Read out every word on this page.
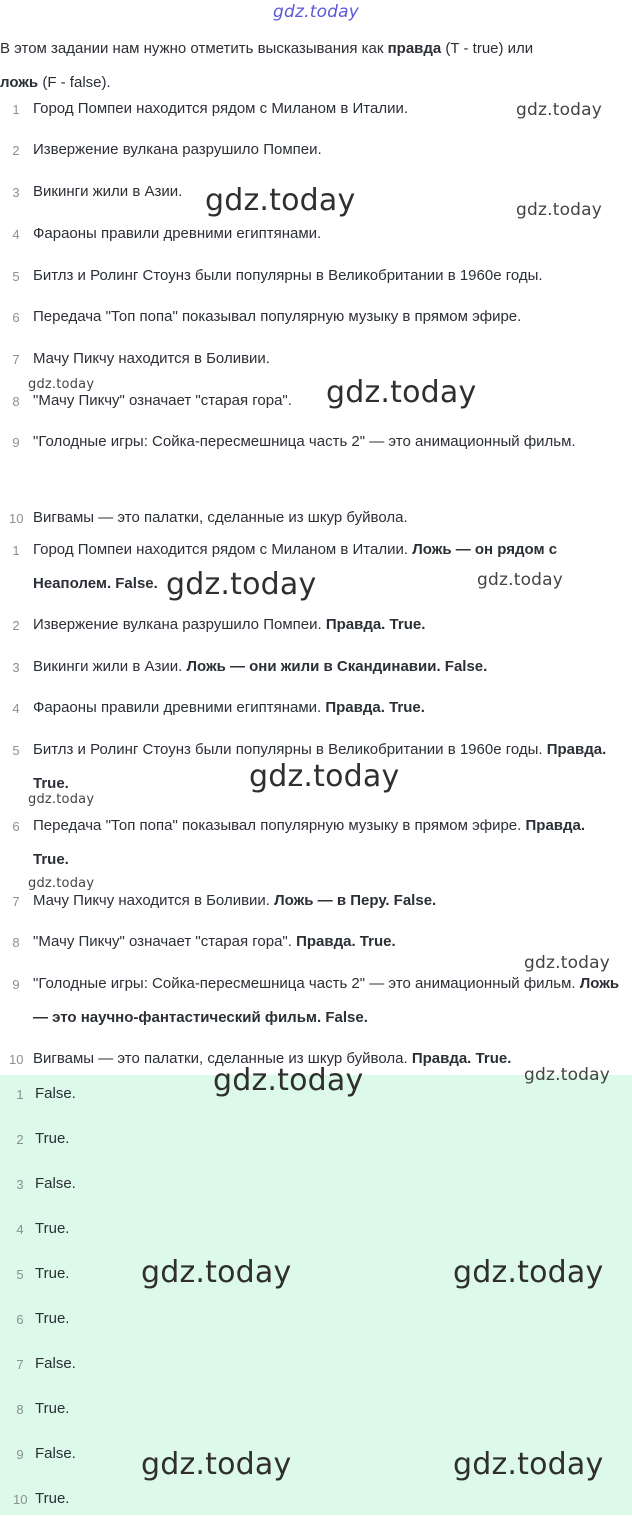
gdz.today
В этом задании нам нужно отметить высказывания как правда (T - true) или
ложь (F - false).
1 Город Помпеи находится рядом с Миланом в Италии.
2 Извержение вулкана разрушило Помпеи.
3 Викинги жили в Азии.
4 Фараоны правили древними египтянами.
5 Битлз и Ролинг Стоунз были популярны в Великобритании в 1960е годы.
6 Передача "Топ попа" показывал популярную музыку в прямом эфире.
7 Мачу Пикчу находится в Боливии.
8 "Мачу Пикчу" означает "старая гора".
9 "Голодные игры: Сойка-пересмешница часть 2" — это анимационный фильм.
10 Вигвамы — это палатки, сделанные из шкур буйвола.
1 Город Помпеи находится рядом с Миланом в Италии. Ложь — он рядом с Неаполем. False.
2 Извержение вулкана разрушило Помпеи. Правда. True.
3 Викинги жили в Азии. Ложь — они жили в Скандинавии. False.
4 Фараоны правили древними египтянами. Правда. True.
5 Битлз и Ролинг Стоунз были популярны в Великобритании в 1960е годы. Правда. True.
6 Передача "Топ попа" показывал популярную музыку в прямом эфире. Правда. True.
7 Мачу Пикчу находится в Боливии. Ложь — в Перу. False.
8 "Мачу Пикчу" означает "старая гора". Правда. True.
9 "Голодные игры: Сойка-пересмешница часть 2" — это анимационный фильм. Ложь — это научно-фантастический фильм. False.
10 Вигвамы — это палатки, сделанные из шкур буйвола. Правда. True.
1 False.
2 True.
3 False.
4 True.
5 True.
6 True.
7 False.
8 True.
9 False.
10 True.
gdz.today
gdz.today	gdz.today
gdz.today	gdz.today
gdz.today	gdz.today
gdz.today
gdz.today
gdz.today
gdz.today
gdz.today
gdz.today
gdz.today	gdz.today
gdz.today	gdz.today
